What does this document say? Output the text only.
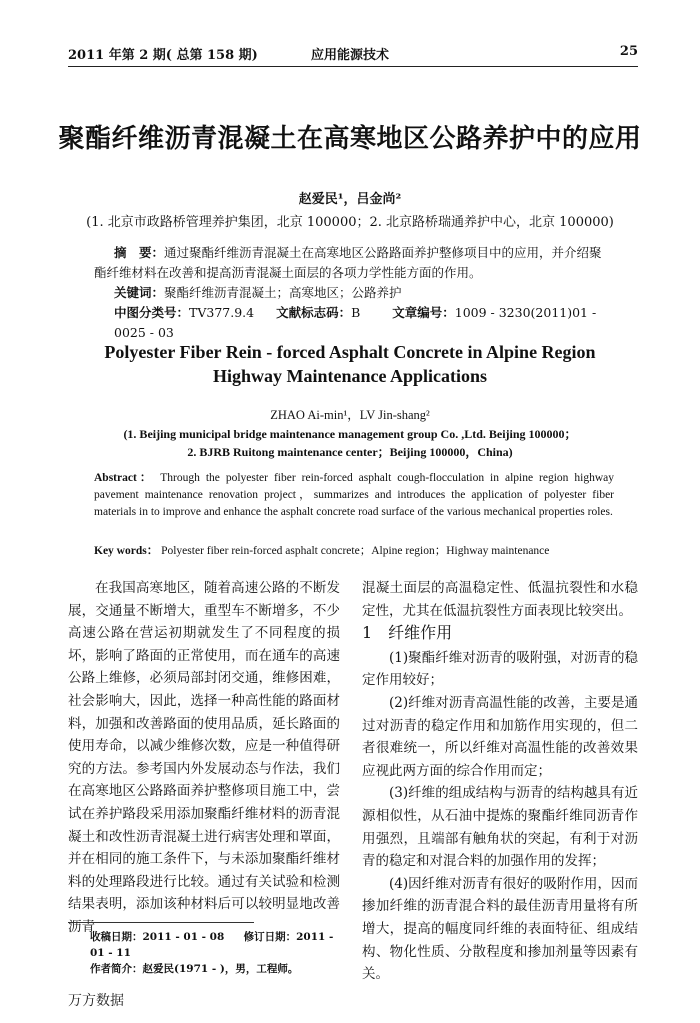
2011 年第 2 期( 总第 158 期)	应用能源技术	25
聚酯纤维沥青混凝土在高寒地区公路养护中的应用
赵爱民¹，吕金尚²
(1. 北京市政路桥管理养护集团，北京 100000；2. 北京路桥瑞通养护中心，北京 100000)
摘　要：通过聚酯纤维沥青混凝土在高寒地区公路路面养护整修项目中的应用，并介绍聚
酯纤维材料在改善和提高沥青混凝土面层的各项力学性能方面的作用。
关键词：聚酯纤维沥青混凝土；高寒地区；公路养护
中图分类号：TV377.9.4 文献标志码：B	文章编号：1009 - 3230(2011)01 - 0025 - 03
Polyester Fiber Rein - forced Asphalt Concrete in Alpine Region
Highway Maintenance Applications
ZHAO Ai-min¹，LV Jin-shang²
(1. Beijing municipal bridge maintenance management group Co. ,Ltd. Beijing 100000；
2. BJRB Ruitong maintenance center；Beijing 100000，China)
Abstract： Through the polyester fiber rein-forced asphalt cough-flocculation in alpine region highway pavement maintenance renovation project，summarizes and introduces the application of polyester fiber materials in to improve and enhance the asphalt concrete road surface of the various mechanical properties roles.
Key words： Polyester fiber rein-forced asphalt concrete；Alpine region；Highway maintenance

在我国高寒地区，随着高速公路的不断发展，交通量不断增大，重型车不断增多，不少高速公路在营运初期就发生了不同程度的损坏，影响了路面的正常使用，而在通车的高速公路上维修，必须局部封闭交通，维修困难，社会影响大，因此，选择一种高性能的路面材料，加强和改善路面的使用品质，延长路面的使用寿命，以减少维修次数，应是一种值得研究的方法。参考国内外发展动态与作法，我们在高寒地区公路路面养护整修项目施工中，尝试在养护路段采用添加聚酯纤维材料的沥青混凝土和改性沥青混凝土进行病害处理和罩面，并在相同的施工条件下，与未添加聚酯纤维材料的处理路段进行比较。通过有关试验和检测结果表明，添加该种材料后可以较明显地改善沥青

混凝土面层的高温稳定性、低温抗裂性和水稳定性，尤其在低温抗裂性方面表现比较突出。

1　纤维作用

(1)聚酯纤维对沥青的吸附强，对沥青的稳定作用较好；

(2)纤维对沥青高温性能的改善，主要是通过对沥青的稳定作用和加筋作用实现的，但二者很难统一，所以纤维对高温性能的改善效果应视此两方面的综合作用而定；

(3)纤维的组成结构与沥青的结构越具有近源相似性，从石油中提炼的聚酯纤维同沥青作用强烈，且端部有触角状的突起，有利于对沥青的稳定和对混合料的加强作用的发挥；

(4)因纤维对沥青有很好的吸附作用，因而掺加纤维的沥青混合料的最佳沥青用量将有所增大，提高的幅度同纤维的表面特征、组成结构、物化性质、分散程度和掺加剂量等因素有关。

收稿日期：2011 - 01 - 08 修订日期：2011 - 01 - 11
作者简介：赵爱民(1971 - )，男，工程师。
万方数据
